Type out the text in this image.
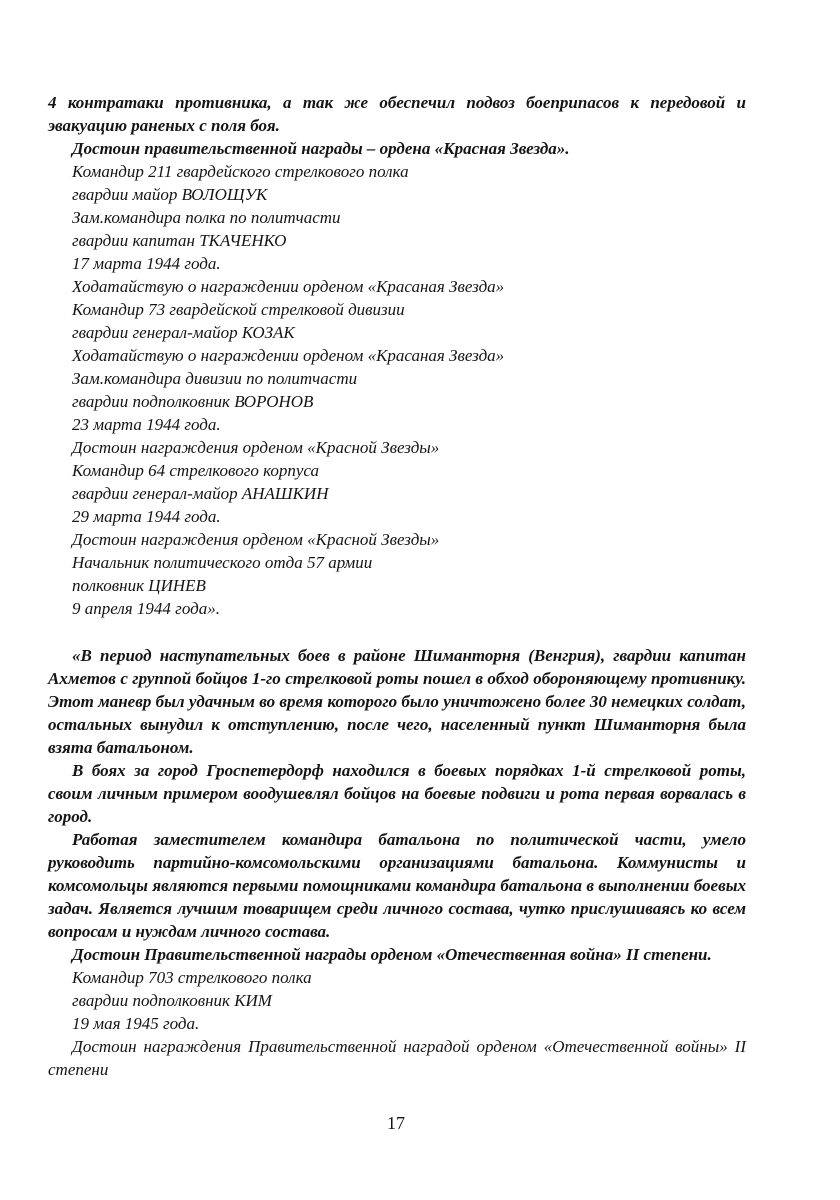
4 контратаки противника, а так же обеспечил подвоз боеприпасов к передовой и эвакуацию раненых с поля боя.

Достоин правительственной награды – ордена «Красная Звезда».

Командир 211 гвардейского стрелкового полка

гвардии майор ВОЛОЩУК

Зам.командира полка по политчасти

гвардии капитан ТКАЧЕНКО

17 марта 1944 года.

Ходатайствую о награждении орденом «Красаная Звезда»

Командир 73 гвардейской стрелковой дивизии

гвардии генерал-майор КОЗАК

Ходатайствую о награждении орденом «Красаная Звезда»

Зам.командира дивизии по политчасти

гвардии подполковник ВОРОНОВ

23 марта 1944 года.

Достоин награждения орденом «Красной Звезды»

Командир 64 стрелкового корпуса

гвардии генерал-майор АНАШКИН

29 марта 1944 года.

Достоин награждения орденом «Красной Звезды»

Начальник политического отда 57 армии

полковник ЦИНЕВ

9 апреля 1944 года».

«В период наступательных боев в районе Шиманторня (Венгрия), гвардии капитан Ахметов с группой бойцов 1-го стрелковой роты пошел в обход обороняющему противнику. Этот маневр был удачным во время которого было уничтожено более 30 немецких солдат, остальных вынудил к отступлению, после чего, населенный пункт Шиманторня была взята батальоном.

В боях за город Гроспетердорф находился в боевых порядках 1-й стрелковой роты, своим личным примером воодушевлял бойцов на боевые подвиги и рота первая ворвалась в город.

Работая заместителем командира батальона по политической части, умело руководить партийно-комсомольскими организациями батальона. Коммунисты и комсомольцы являются первыми помощниками командира батальона в выполнении боевых задач. Является лучшим товарищем среди личного состава, чутко прислушиваясь ко всем вопросам и нуждам личного состава.

Достоин Правительственной награды орденом «Отечественная война» II степени.

Командир 703 стрелкового полка

гвардии подполковник КИМ

19 мая 1945 года.

Достоин награждения Правительственной наградой орденом «Отечественной войны» II степени

17
